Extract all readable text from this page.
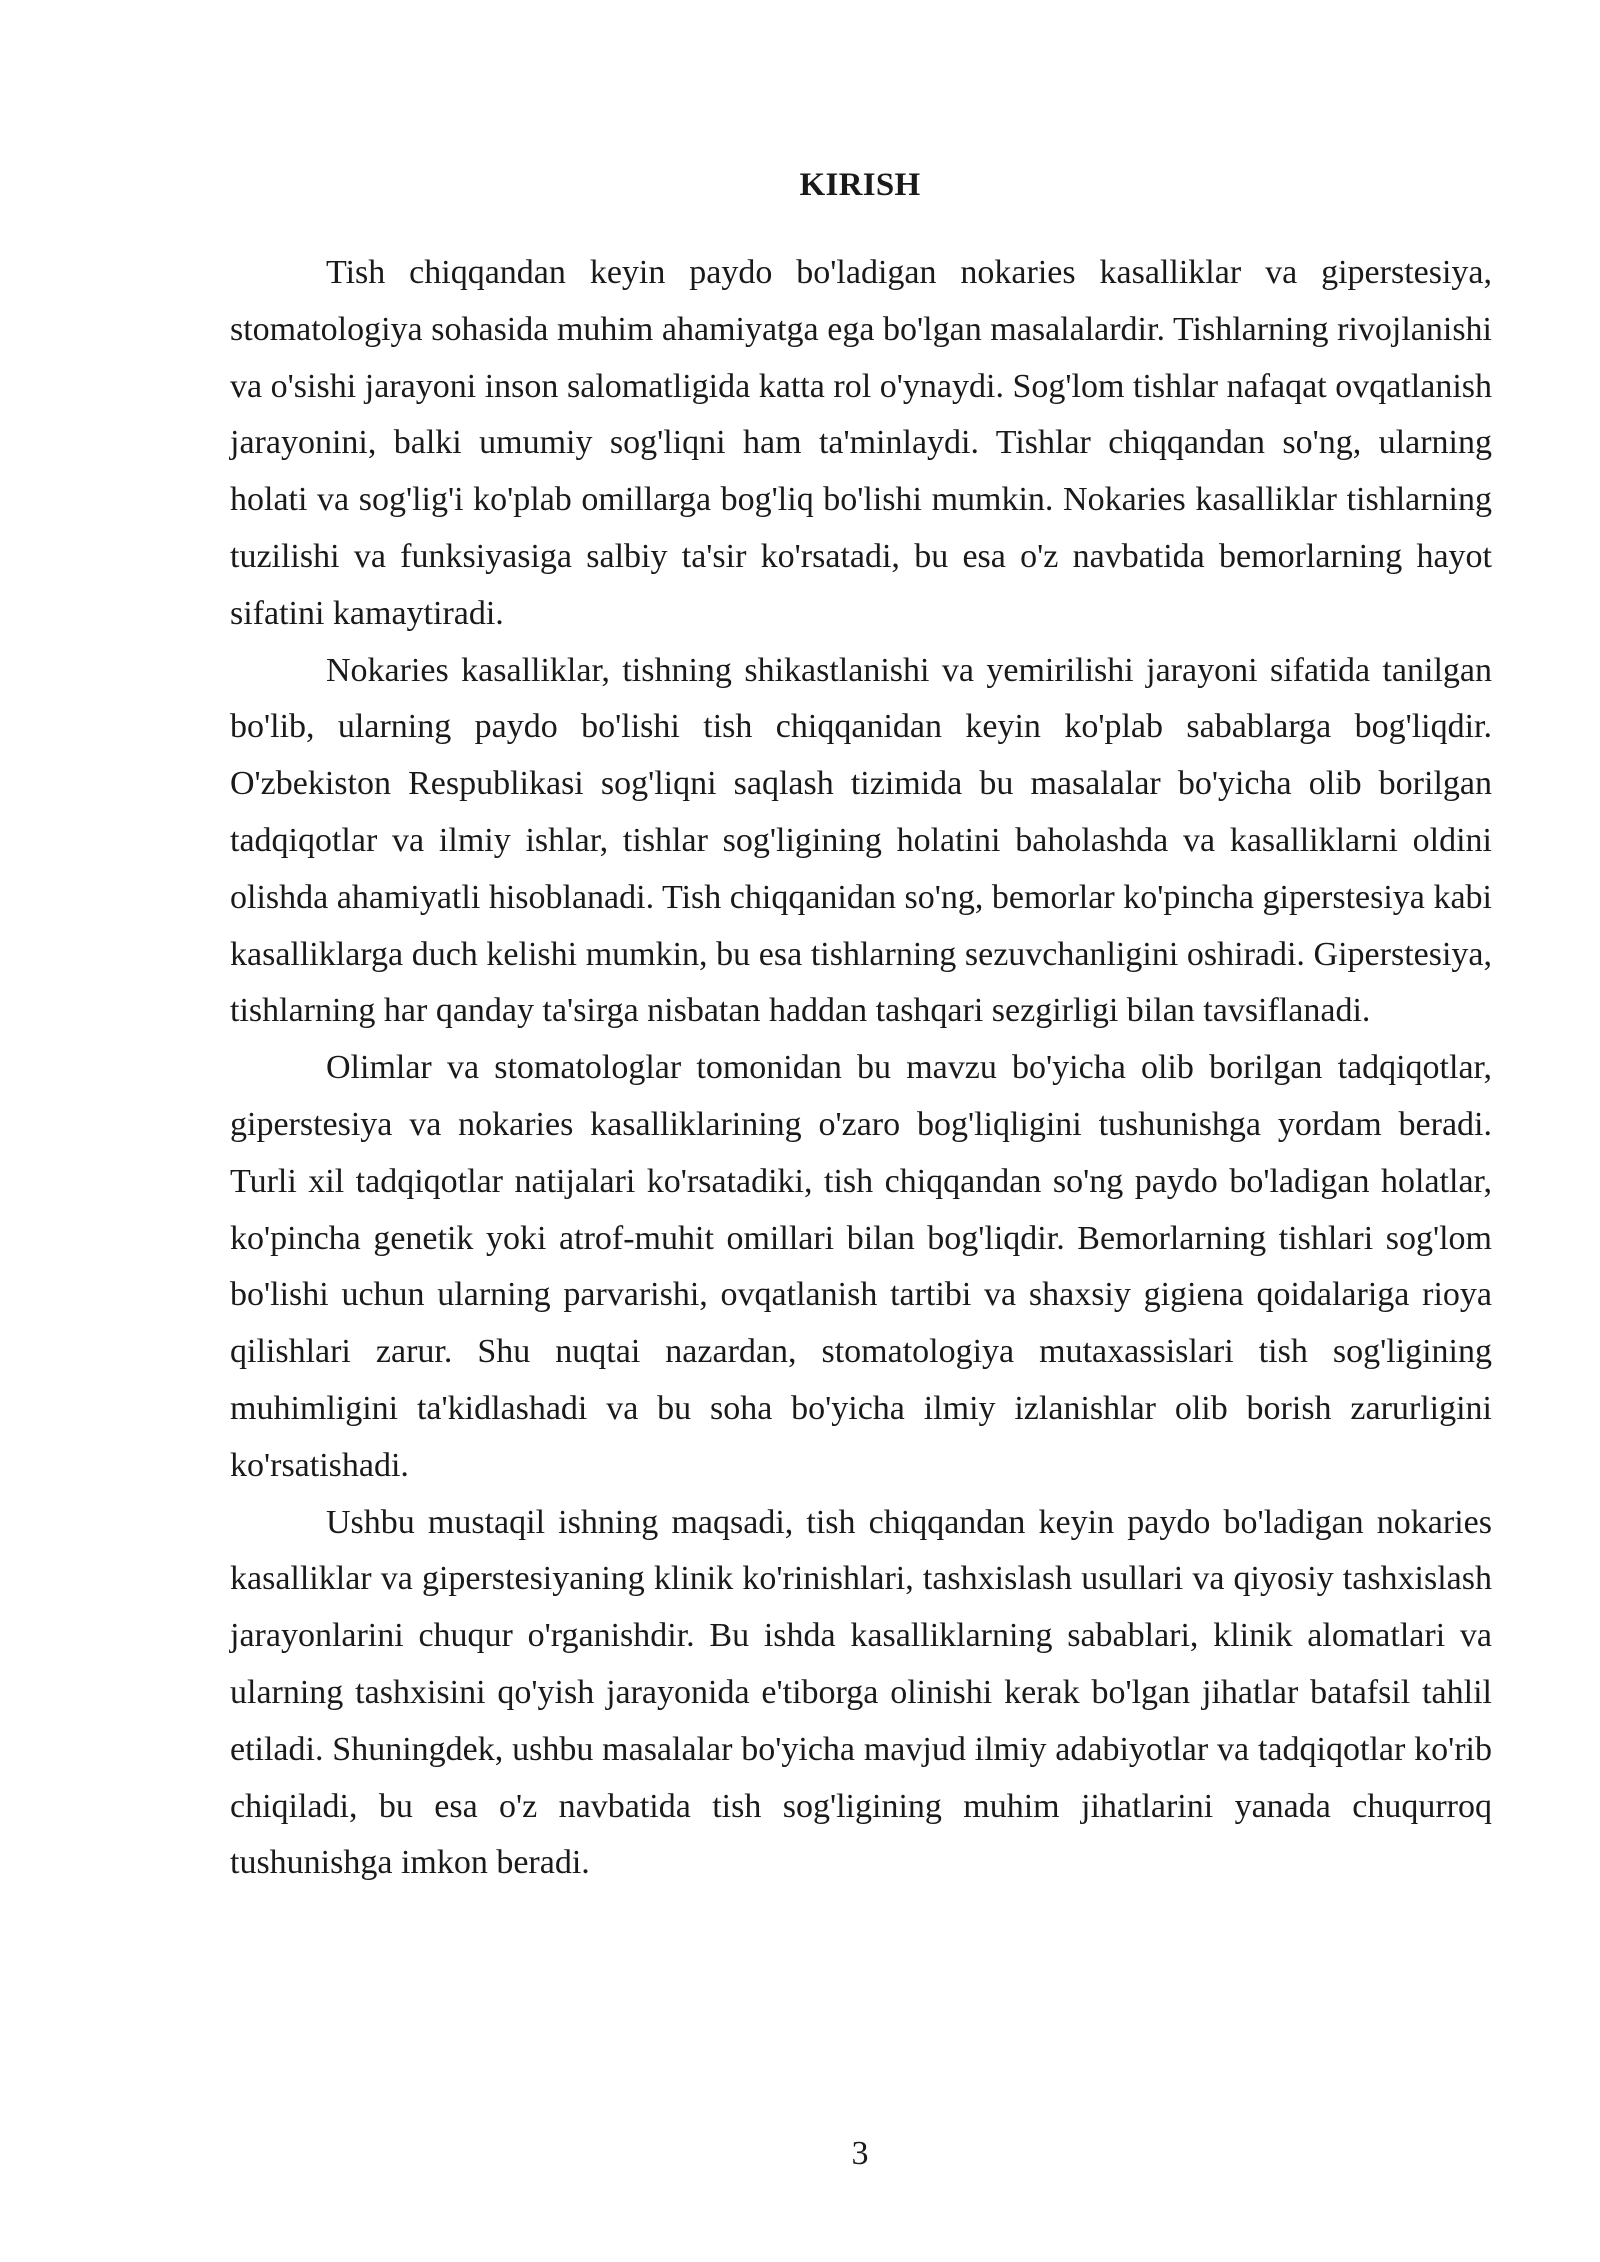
KIRISH

Tish chiqqandan keyin paydo bo'ladigan nokaries kasalliklar va giperstesiya, stomatologiya sohasida muhim ahamiyatga ega bo'lgan masalalardir. Tishlarning rivojlanishi va o'sishi jarayoni inson salomatligida katta rol o'ynaydi. Sog'lom tishlar nafaqat ovqatlanish jarayonini, balki umumiy sog'liqni ham ta'minlaydi. Tishlar chiqqandan so'ng, ularning holati va sog'lig'i ko'plab omillarga bog'liq bo'lishi mumkin. Nokaries kasalliklar tishlarning tuzilishi va funksiyasiga salbiy ta'sir ko'rsatadi, bu esa o'z navbatida bemorlarning hayot sifatini kamaytiradi.

Nokaries kasalliklar, tishning shikastlanishi va yemirilishi jarayoni sifatida tanilgan bo'lib, ularning paydo bo'lishi tish chiqqanidan keyin ko'plab sabablarga bog'liqdir. O'zbekiston Respublikasi sog'liqni saqlash tizimida bu masalalar bo'yicha olib borilgan tadqiqotlar va ilmiy ishlar, tishlar sog'ligining holatini baholashda va kasalliklarni oldini olishda ahamiyatli hisoblanadi. Tish chiqqanidan so'ng, bemorlar ko'pincha giperstesiya kabi kasalliklarga duch kelishi mumkin, bu esa tishlarning sezuvchanligini oshiradi. Giperstesiya, tishlarning har qanday ta'sirga nisbatan haddan tashqari sezgirligi bilan tavsiflanadi.

Olimlar va stomatologlar tomonidan bu mavzu bo'yicha olib borilgan tadqiqotlar, giperstesiya va nokaries kasalliklarining o'zaro bog'liqligini tushunishga yordam beradi. Turli xil tadqiqotlar natijalari ko'rsatadiki, tish chiqqandan so'ng paydo bo'ladigan holatlar, ko'pincha genetik yoki atrof-muhit omillari bilan bog'liqdir. Bemorlarning tishlari sog'lom bo'lishi uchun ularning parvarishi, ovqatlanish tartibi va shaxsiy gigiena qoidalariga rioya qilishlari zarur. Shu nuqtai nazardan, stomatologiya mutaxassislari tish sog'ligining muhimligini ta'kidlashadi va bu soha bo'yicha ilmiy izlanishlar olib borish zarurligini ko'rsatishadi.

Ushbu mustaqil ishning maqsadi, tish chiqqandan keyin paydo bo'ladigan nokaries kasalliklar va giperstesiyaning klinik ko'rinishlari, tashxislash usullari va qiyosiy tashxislash jarayonlarini chuqur o'rganishdir. Bu ishda kasalliklarning sabablari, klinik alomatlari va ularning tashxisini qo'yish jarayonida e'tiborga olinishi kerak bo'lgan jihatlar batafsil tahlil etiladi. Shuningdek, ushbu masalalar bo'yicha mavjud ilmiy adabiyotlar va tadqiqotlar ko'rib chiqiladi, bu esa o'z navbatida tish sog'ligining muhim jihatlarini yanada chuqurroq tushunishga imkon beradi.

3
